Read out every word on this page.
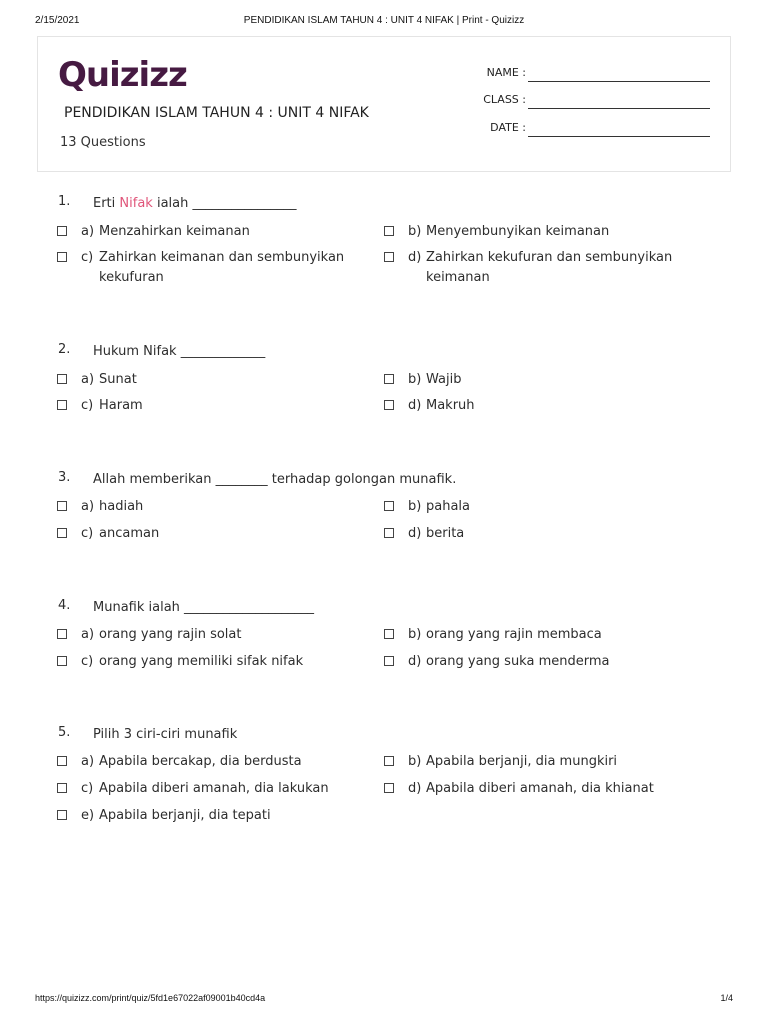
2/15/2021	PENDIDIKAN ISLAM TAHUN 4 : UNIT 4 NIFAK | Print - Quizizz
Quizizz
PENDIDIKAN ISLAM TAHUN 4 : UNIT 4 NIFAK
13 Questions
NAME :
CLASS :
DATE :
1. Erti Nifak ialah ________________
a) Menzahirkan keimanan	b) Menyembunyikan keimanan
c) Zahirkan keimanan dan sembunyikan kekufuran
d) Zahirkan kekufuran dan sembunyikan keimanan
2. Hukum Nifak _____________
a) Sunat	b) Wajib
c) Haram	d) Makruh
3. Allah memberikan ________ terhadap golongan munafik.
a) hadiah	b) pahala
c) ancaman	d) berita
4. Munafik ialah ____________________
a) orang yang rajin solat	b) orang yang rajin membaca
c) orang yang memiliki sifak nifak	d) orang yang suka menderma
5. Pilih 3 ciri-ciri munafik
a) Apabila bercakap, dia berdusta	b) Apabila berjanji, dia mungkiri
c) Apabila diberi amanah, dia lakukan	d) Apabila diberi amanah, dia khianat
e) Apabila berjanji, dia tepati
https://quizizz.com/print/quiz/5fd1e67022af09001b40cd4a	1/4
